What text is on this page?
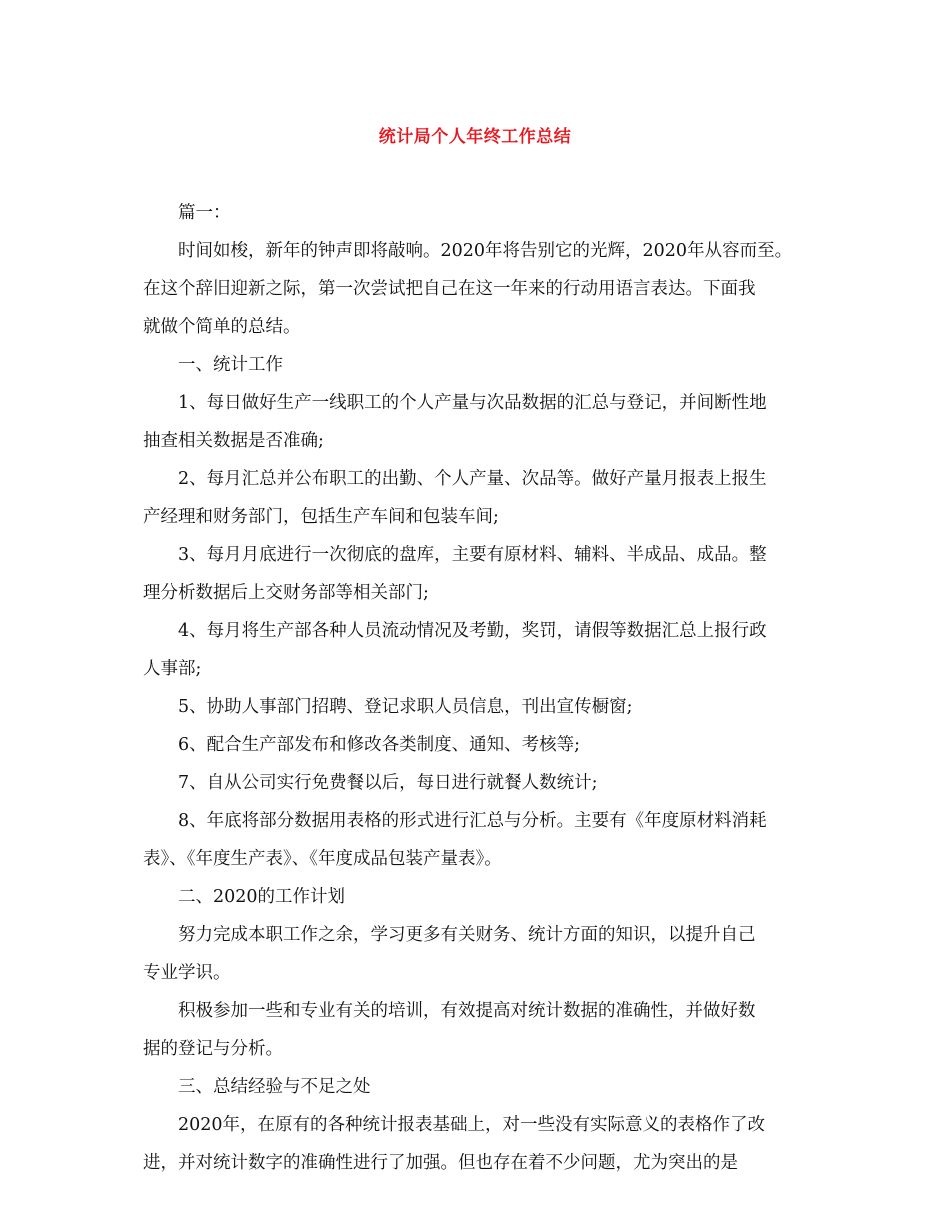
统计局个人年终工作总结
篇一：
时间如梭，新年的钟声即将敲响。2020年将告别它的光辉，2020年从容而至。
在这个辞旧迎新之际，第一次尝试把自己在这一年来的行动用语言表达。下面我
就做个简单的总结。
一、统计工作
1、每日做好生产一线职工的个人产量与次品数据的汇总与登记，并间断性地
抽查相关数据是否准确;
2、每月汇总并公布职工的出勤、个人产量、次品等。做好产量月报表上报生
产经理和财务部门，包括生产车间和包装车间;
3、每月月底进行一次彻底的盘库，主要有原材料、辅料、半成品、成品。整
理分析数据后上交财务部等相关部门;
4、每月将生产部各种人员流动情况及考勤，奖罚，请假等数据汇总上报行政
人事部;
5、协助人事部门招聘、登记求职人员信息，刊出宣传橱窗;
6、配合生产部发布和修改各类制度、通知、考核等;
7、自从公司实行免费餐以后，每日进行就餐人数统计;
8、年底将部分数据用表格的形式进行汇总与分析。主要有《年度原材料消耗
表》、《年度生产表》、《年度成品包装产量表》。
二、2020的工作计划
努力完成本职工作之余，学习更多有关财务、统计方面的知识，以提升自己
专业学识。
积极参加一些和专业有关的培训，有效提高对统计数据的准确性，并做好数
据的登记与分析。
三、总结经验与不足之处
2020年，在原有的各种统计报表基础上，对一些没有实际意义的表格作了改
进，并对统计数字的准确性进行了加强。但也存在着不少问题，尤为突出的是
